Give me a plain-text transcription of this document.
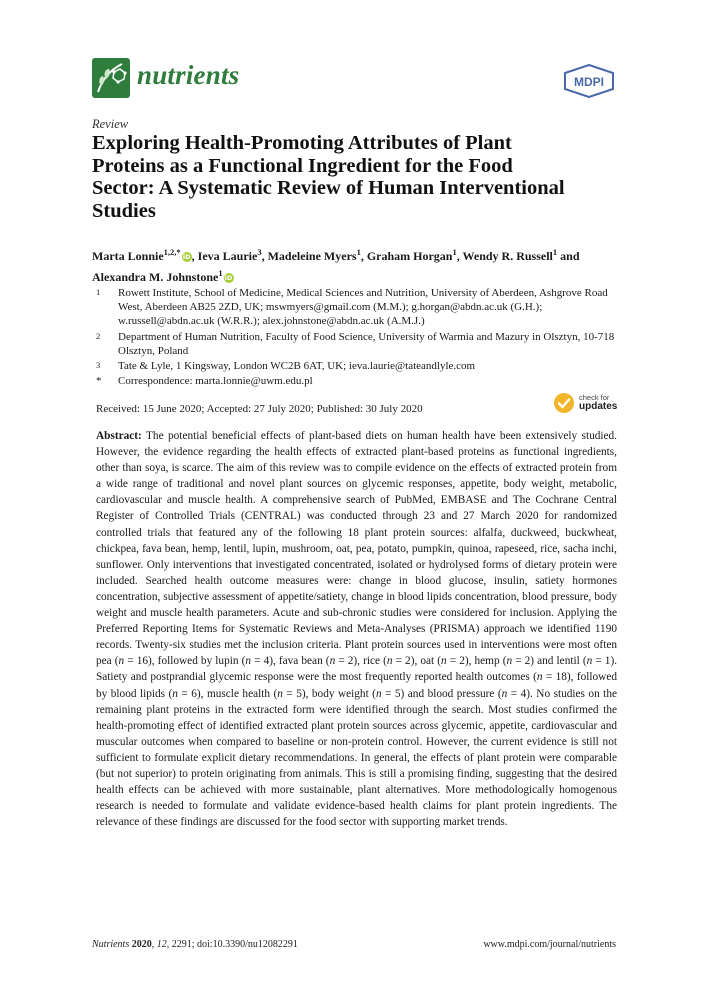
nutrients	MDPI
Review
Exploring Health-Promoting Attributes of Plant Proteins as a Functional Ingredient for the Food Sector: A Systematic Review of Human Interventional Studies
Marta Lonnie$^{1,2,*}$ iD, Ieva Laurie$^3$, Madeleine Myers$^1$, Graham Horgan$^1$, Wendy R. Russell$^1$ and Alexandra M. Johnstone$^1$ iD
1 Rowett Institute, School of Medicine, Medical Sciences and Nutrition, University of Aberdeen, Ashgrove Road West, Aberdeen AB25 2ZD, UK; mswmyers@gmail.com (M.M.); g.horgan@abdn.ac.uk (G.H.); w.russell@abdn.ac.uk (W.R.R.); alex.johnstone@abdn.ac.uk (A.M.J.)
2 Department of Human Nutrition, Faculty of Food Science, University of Warmia and Mazury in Olsztyn, 10-718 Olsztyn, Poland
3 Tate & Lyle, 1 Kingsway, London WC2B 6AT, UK; ieva.laurie@tateandlyle.com
* Correspondence: marta.lonnie@uwm.edu.pl
Received: 15 June 2020; Accepted: 27 July 2020; Published: 30 July 2020
check for
updates
Abstract: The potential beneficial effects of plant-based diets on human health have been extensively studied. However, the evidence regarding the health effects of extracted plant-based proteins as functional ingredients, other than soya, is scarce. The aim of this review was to compile evidence on the effects of extracted protein from a wide range of traditional and novel plant sources on glycemic responses, appetite, body weight, metabolic, cardiovascular and muscle health. A comprehensive search of PubMed, EMBASE and The Cochrane Central Register of Controlled Trials (CENTRAL) was conducted through 23 and 27 March 2020 for randomized controlled trials that featured any of the following 18 plant protein sources: alfalfa, duckweed, buckwheat, chickpea, fava bean, hemp, lentil, lupin, mushroom, oat, pea, potato, pumpkin, quinoa, rapeseed, rice, sacha inchi, sunflower. Only interventions that investigated concentrated, isolated or hydrolysed forms of dietary protein were included. Searched health outcome measures were: change in blood glucose, insulin, satiety hormones concentration, subjective assessment of appetite/satiety, change in blood lipids concentration, blood pressure, body weight and muscle health parameters. Acute and sub-chronic studies were considered for inclusion. Applying the Preferred Reporting Items for Systematic Reviews and Meta-Analyses (PRISMA) approach we identified 1190 records. Twenty-six studies met the inclusion criteria. Plant protein sources used in interventions were most often pea (n = 16), followed by lupin (n = 4), fava bean (n = 2), rice (n = 2), oat (n = 2), hemp (n = 2) and lentil (n = 1). Satiety and postprandial glycemic response were the most frequently reported health outcomes (n = 18), followed by blood lipids (n = 6), muscle health (n = 5), body weight (n = 5) and blood pressure (n = 4). No studies on the remaining plant proteins in the extracted form were identified through the search. Most studies confirmed the health-promoting effect of identified extracted plant protein sources across glycemic, appetite, cardiovascular and muscular outcomes when compared to baseline or non-protein control. However, the current evidence is still not sufficient to formulate explicit dietary recommendations. In general, the effects of plant protein were comparable (but not superior) to protein originating from animals. This is still a promising finding, suggesting that the desired health effects can be achieved with more sustainable, plant alternatives. More methodologically homogenous research is needed to formulate and validate evidence-based health claims for plant protein ingredients. The relevance of these findings are discussed for the food sector with supporting market trends.
Nutrients 2020, 12, 2291; doi:10.3390/nu12082291	www.mdpi.com/journal/nutrients
